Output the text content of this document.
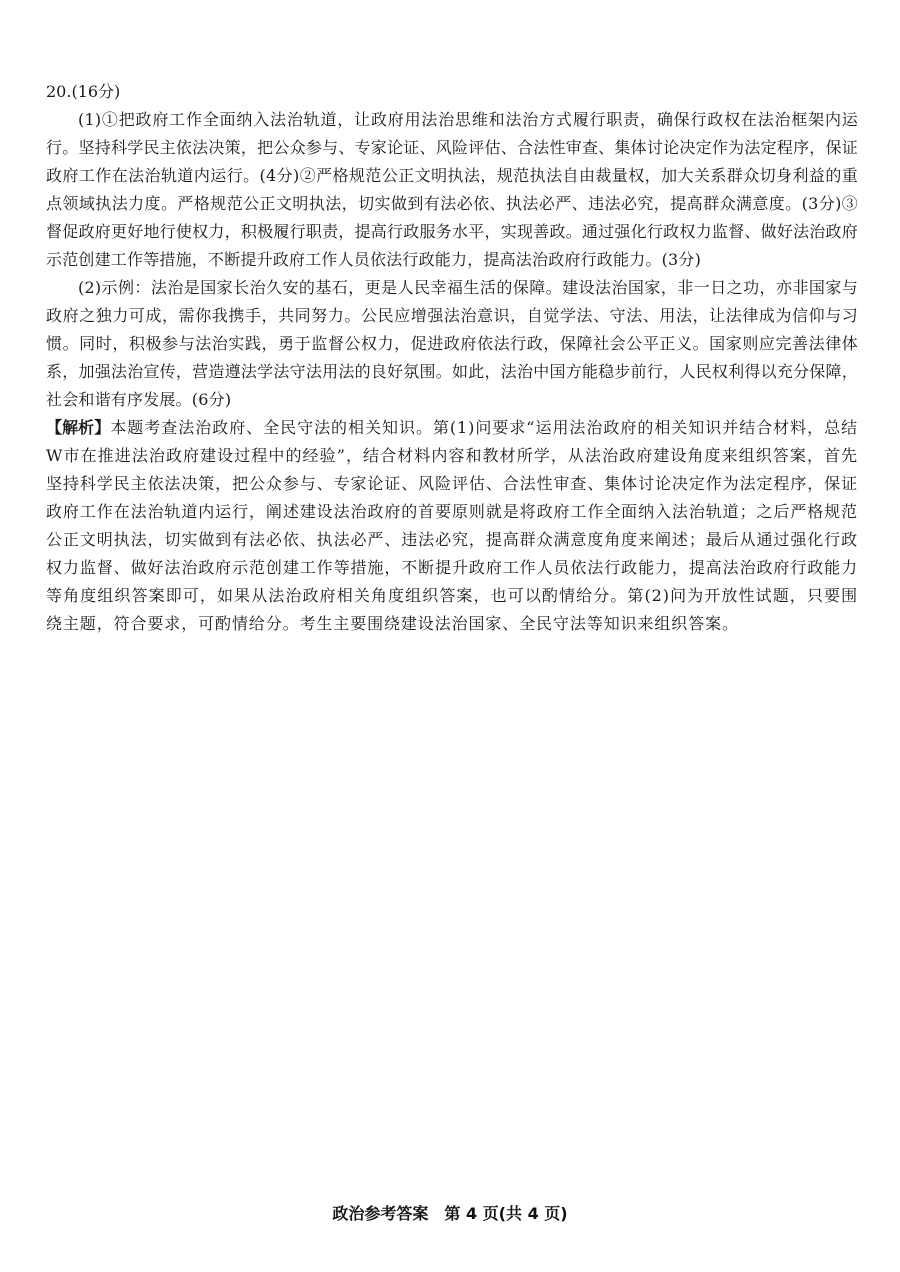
20.(16分)

(1)①把政府工作全面纳入法治轨道，让政府用法治思维和法治方式履行职责，确保行政权在法治框架内运行。坚持科学民主依法决策，把公众参与、专家论证、风险评估、合法性审查、集体讨论决定作为法定程序，保证政府工作在法治轨道内运行。(4分)②严格规范公正文明执法，规范执法自由裁量权，加大关系群众切身利益的重点领域执法力度。严格规范公正文明执法，切实做到有法必依、执法必严、违法必究，提高群众满意度。(3分)③督促政府更好地行使权力，积极履行职责，提高行政服务水平，实现善政。通过强化行政权力监督、做好法治政府示范创建工作等措施，不断提升政府工作人员依法行政能力，提高法治政府行政能力。(3分)

(2)示例：法治是国家长治久安的基石，更是人民幸福生活的保障。建设法治国家，非一日之功，亦非国家与政府之独力可成，需你我携手，共同努力。公民应增强法治意识，自觉学法、守法、用法，让法律成为信仰与习惯。同时，积极参与法治实践，勇于监督公权力，促进政府依法行政，保障社会公平正义。国家则应完善法律体系，加强法治宣传，营造遵法学法守法用法的良好氛围。如此，法治中国方能稳步前行，人民权利得以充分保障，社会和谐有序发展。(6分)

【解析】本题考查法治政府、全民守法的相关知识。第(1)问要求“运用法治政府的相关知识并结合材料，总结W市在推进法治政府建设过程中的经验”，结合材料内容和教材所学，从法治政府建设角度来组织答案，首先坚持科学民主依法决策，把公众参与、专家论证、风险评估、合法性审查、集体讨论决定作为法定程序，保证政府工作在法治轨道内运行，阐述建设法治政府的首要原则就是将政府工作全面纳入法治轨道；之后严格规范公正文明执法，切实做到有法必依、执法必严、违法必究，提高群众满意度角度来阐述；最后从通过强化行政权力监督、做好法治政府示范创建工作等措施，不断提升政府工作人员依法行政能力，提高法治政府行政能力等角度组织答案即可，如果从法治政府相关角度组织答案，也可以酌情给分。第(2)问为开放性试题，只要围绕主题，符合要求，可酌情给分。考生主要围绕建设法治国家、全民守法等知识来组织答案。

政治参考答案　第 4 页(共 4 页)
